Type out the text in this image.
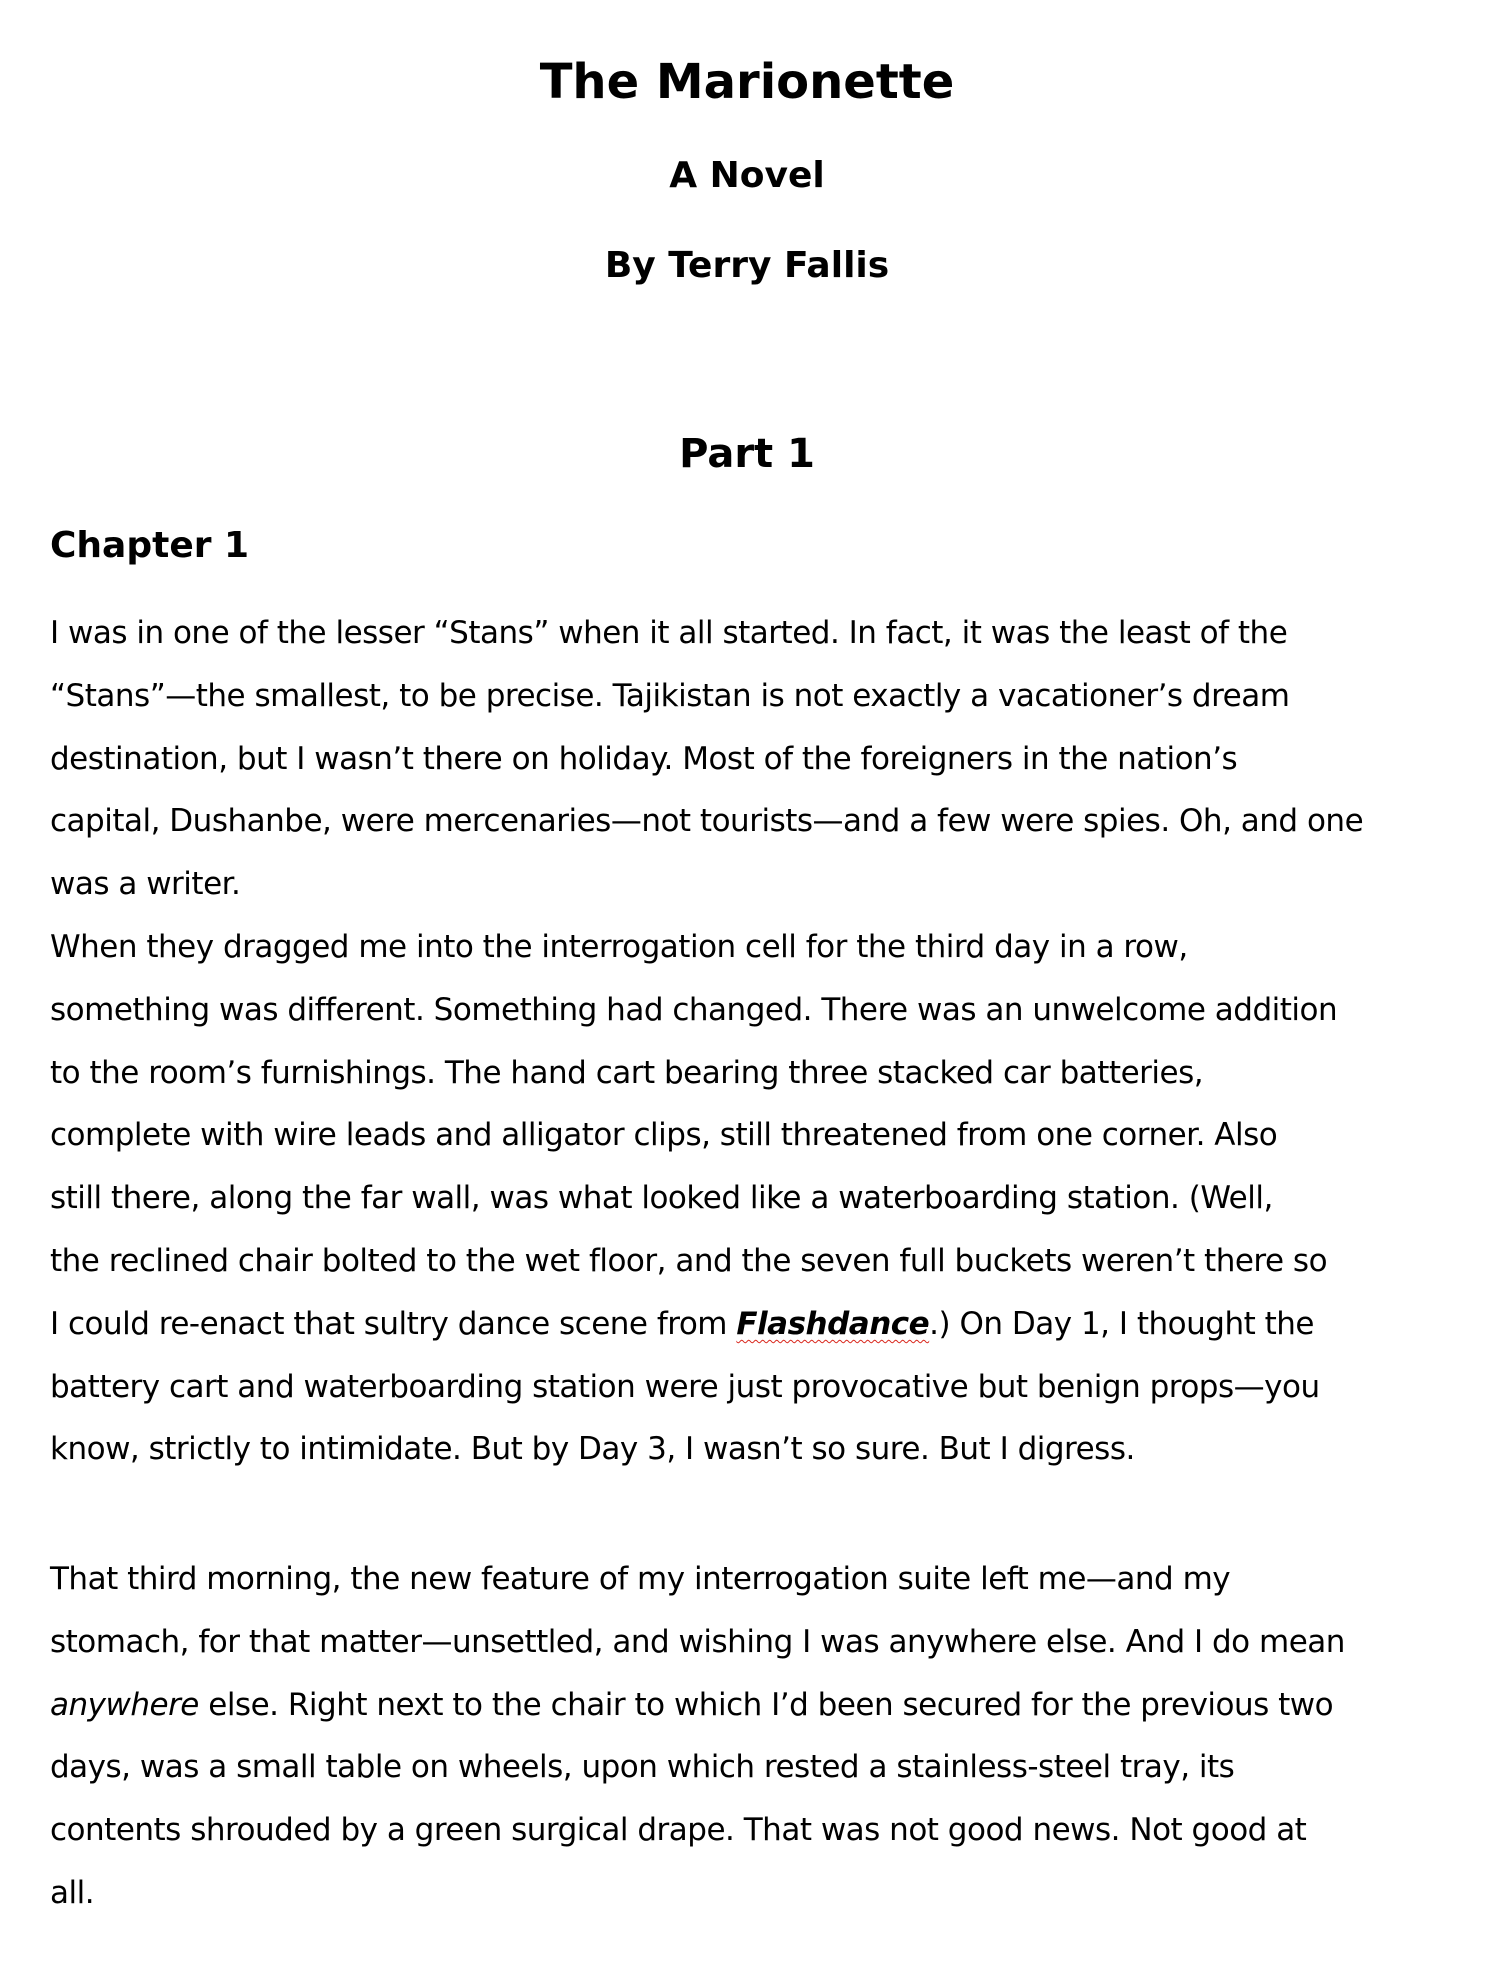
The Marionette
A Novel
By Terry Fallis
Part 1
Chapter 1
I was in one of the lesser “Stans” when it all started. In fact, it was the least of the
“Stans”—the smallest, to be precise. Tajikistan is not exactly a vacationer’s dream
destination, but I wasn’t there on holiday. Most of the foreigners in the nation’s
capital, Dushanbe, were mercenaries—not tourists—and a few were spies. Oh, and one
was a writer.
When they dragged me into the interrogation cell for the third day in a row,
something was different. Something had changed. There was an unwelcome addition
to the room’s furnishings. The hand cart bearing three stacked car batteries,
complete with wire leads and alligator clips, still threatened from one corner. Also
still there, along the far wall, was what looked like a waterboarding station. (Well,
the reclined chair bolted to the wet floor, and the seven full buckets weren’t there so
I could re-enact that sultry dance scene from Flashdance.) On Day 1, I thought the
battery cart and waterboarding station were just provocative but benign props—you
know, strictly to intimidate. But by Day 3, I wasn’t so sure. But I digress.
That third morning, the new feature of my interrogation suite left me—and my
stomach, for that matter—unsettled, and wishing I was anywhere else. And I do mean
anywhere else. Right next to the chair to which I’d been secured for the previous two
days, was a small table on wheels, upon which rested a stainless-steel tray, its
contents shrouded by a green surgical drape. That was not good news. Not good at
all.
